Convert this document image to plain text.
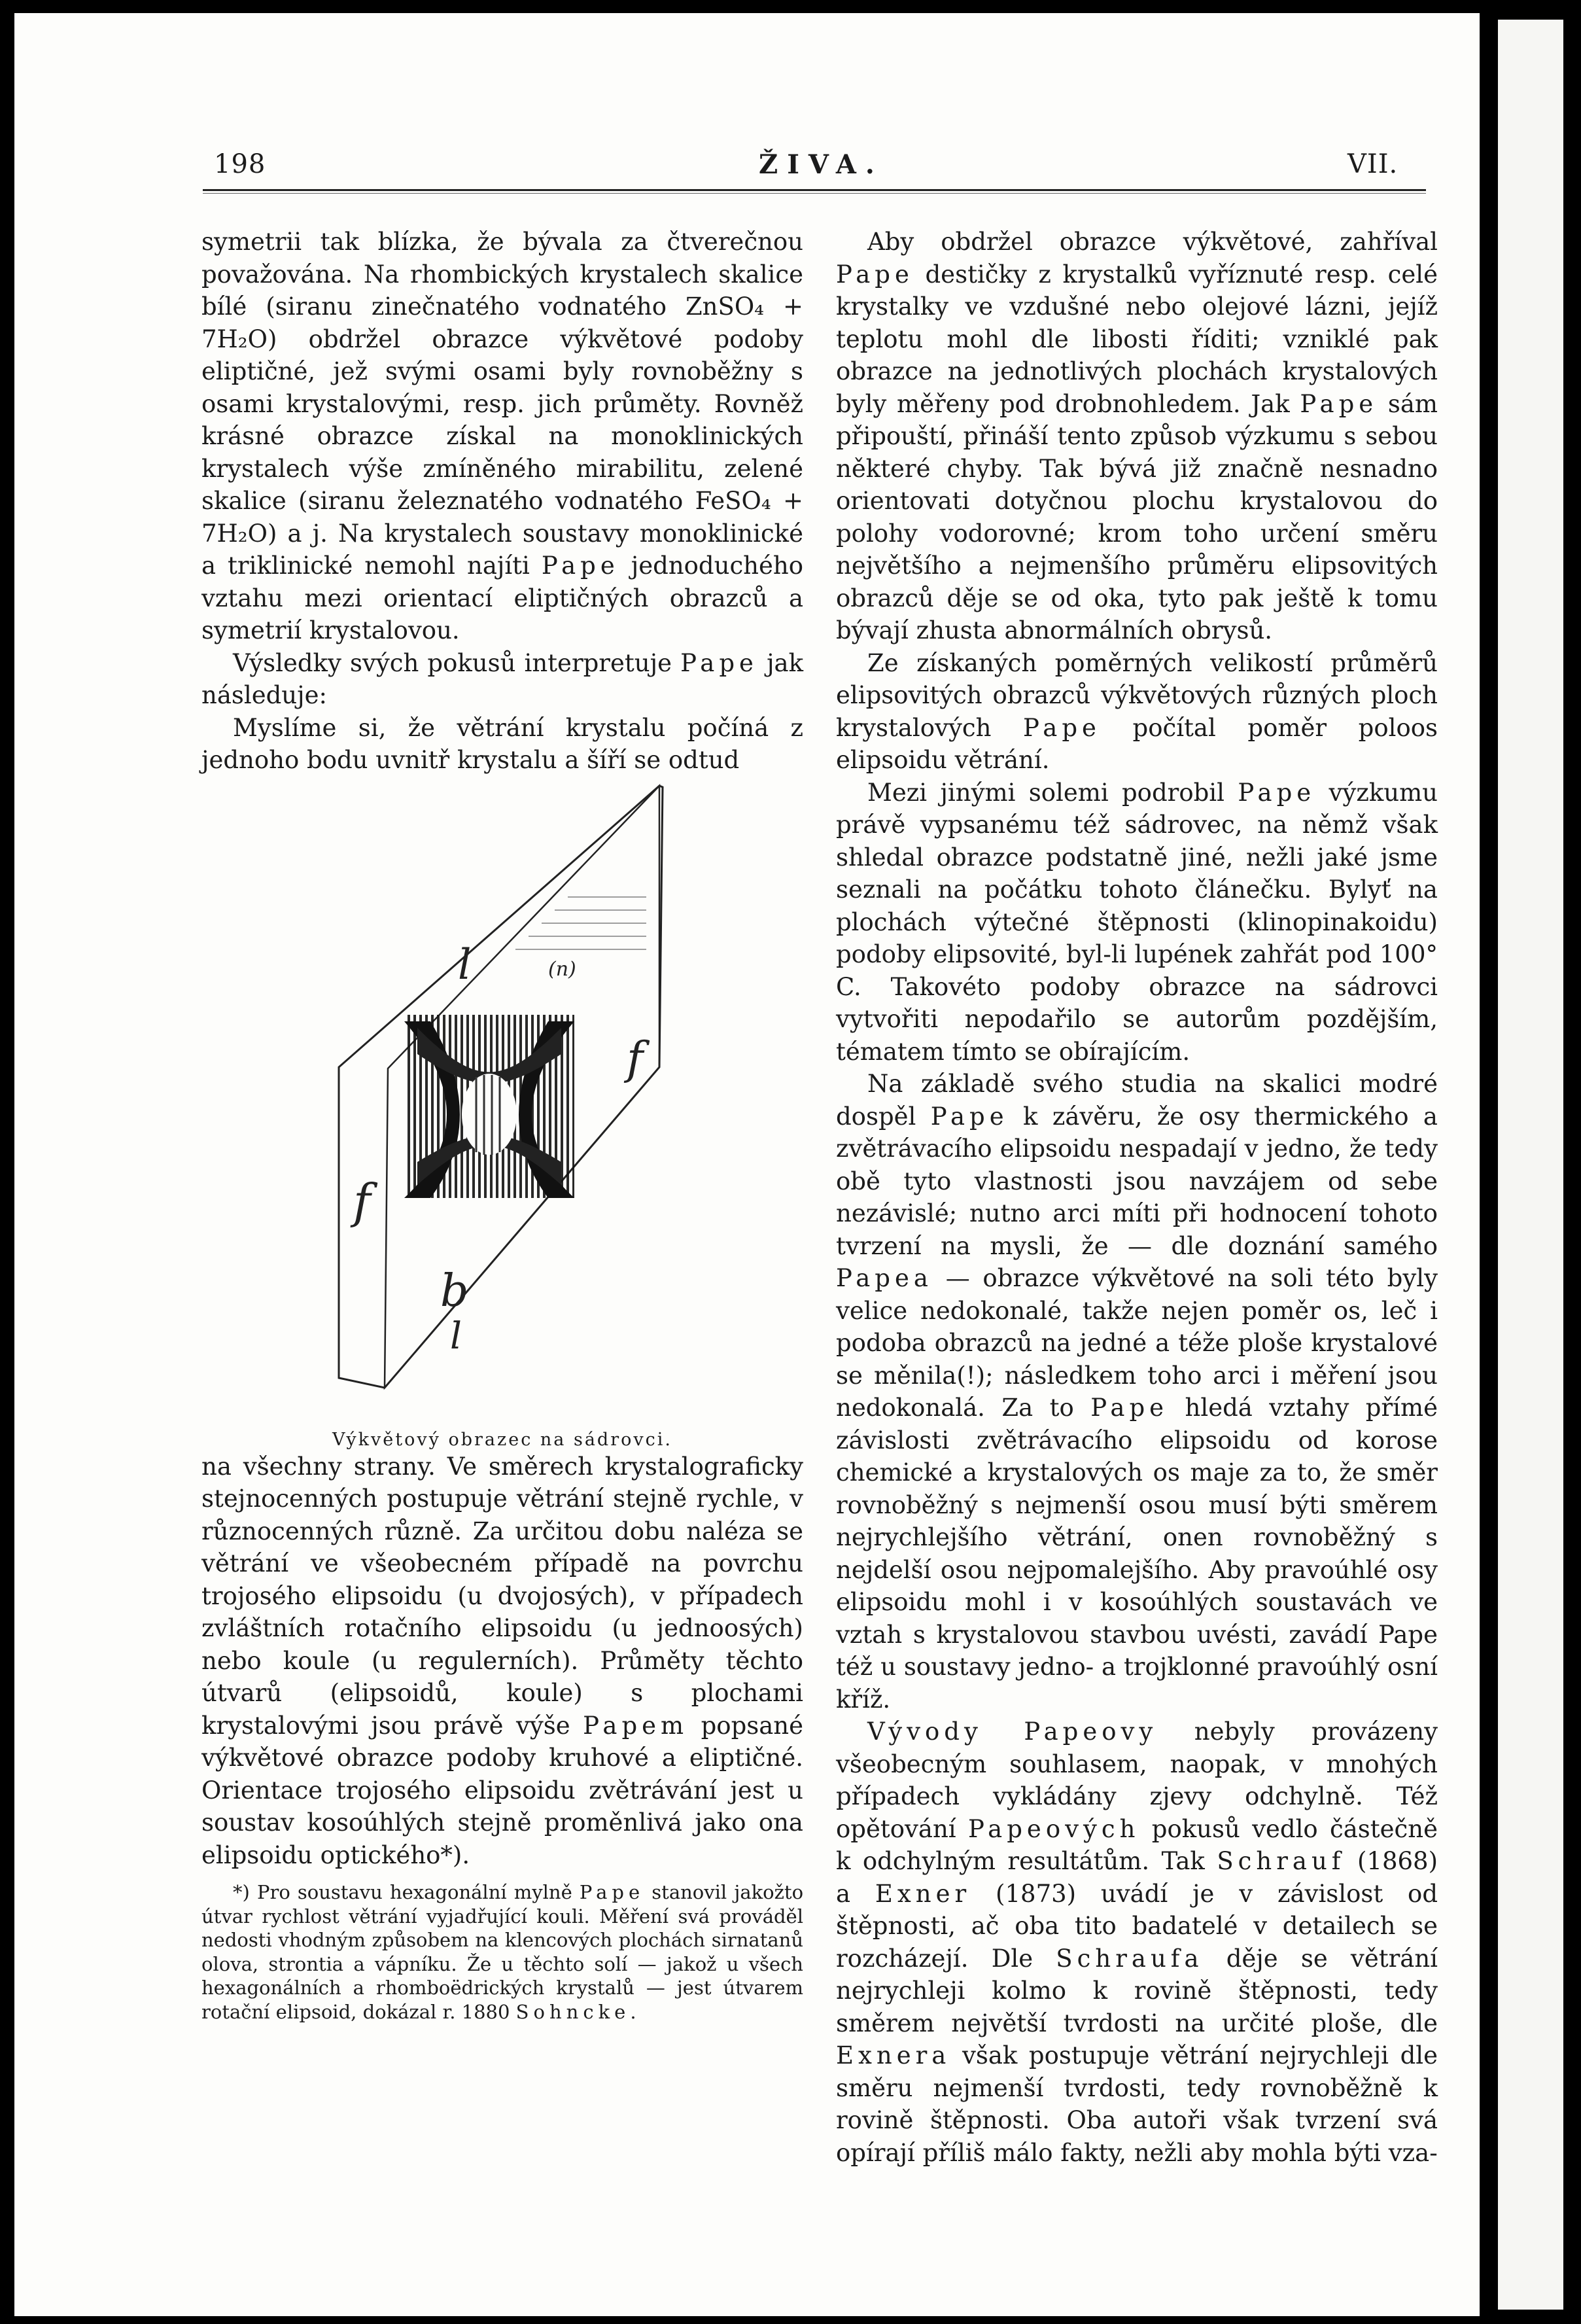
198	ŽIVA.	VII.

symetrii tak blízka, že bývala za čtverečnou považována. Na rhombických krystalech skalice bílé (siranu zinečnatého vodnatého ZnSO₄ + 7H₂O) obdržel obrazce výkvětové podoby eliptičné, jež svými osami byly rovnoběžny s osami krystalovými, resp. jich průměty. Rovněž krásné obrazce získal na monoklinických krystalech výše zmíněného mirabilitu, zelené skalice (siranu železnatého vodnatého FeSO₄ + 7H₂O) a j. Na krystalech soustavy monoklinické a triklinické nemohl najíti Pape jednoduchého vztahu mezi orientací eliptičných obrazců a symetrií krystalovou.

Výsledky svých pokusů interpretuje Pape jak následuje:

Myslíme si, že větrání krystalu počíná z jednoho bodu uvnitř krystalu a šíří se odtud

l	(n)
f
f
b
l
Výkvětový obrazec na sádrovci.

na všechny strany. Ve směrech krystalograficky stejnocenných postupuje větrání stejně rychle, v různocenných různě. Za určitou dobu naléza se větrání ve všeobecném případě na povrchu trojosého elipsoidu (u dvojosých), v případech zvláštních rotačního elipsoidu (u jednoosých) nebo koule (u regulerních). Průměty těchto útvarů (elipsoidů, koule) s plochami krystalovými jsou právě výše Papem popsané výkvětové obrazce podoby kruhové a eliptičné. Orientace trojosého elipsoidu zvětrávání jest u soustav kosoúhlých stejně proměnlivá jako ona elipsoidu optického*).

*) Pro soustavu hexagonální mylně Pape stanovil jakožto útvar rychlost větrání vyjadřující kouli. Měření svá prováděl nedosti vhodným způsobem na klencových plochách sirnatanů olova, strontia a vápníku. Že u těchto solí — jakož u všech hexagonálních a rhomboëdrických krystalů — jest útvarem rotační elipsoid, dokázal r. 1880 Sohncke.

Aby obdržel obrazce výkvětové, zahříval Pape destičky z krystalků vyříznuté resp. celé krystalky ve vzdušné nebo olejové lázni, jejíž teplotu mohl dle libosti říditi; vzniklé pak obrazce na jednotlivých plochách krystalových byly měřeny pod drobnohledem. Jak Pape sám připouští, přináší tento způsob výzkumu s sebou některé chyby. Tak bývá již značně nesnadno orientovati dotyčnou plochu krystalovou do polohy vodorovné; krom toho určení směru největšího a nejmenšího průměru elipsovitých obrazců děje se od oka, tyto pak ještě k tomu bývají zhusta abnormálních obrysů.

Ze získaných poměrných velikostí průměrů elipsovitých obrazců výkvětových různých ploch krystalových Pape počítal poměr poloos elipsoidu větrání.

Mezi jinými solemi podrobil Pape výzkumu právě vypsanému též sádrovec, na němž však shledal obrazce podstatně jiné, nežli jaké jsme seznali na počátku tohoto článečku. Bylyť na plochách výtečné štěpnosti (klinopinakoidu) podoby elipsovité, byl-li lupének zahřát pod 100° C. Takovéto podoby obrazce na sádrovci vytvořiti nepodařilo se autorům pozdějším, tématem tímto se obírajícím.

Na základě svého studia na skalici modré dospěl Pape k závěru, že osy thermického a zvětrávacího elipsoidu nespadají v jedno, že tedy obě tyto vlastnosti jsou navzájem od sebe nezávislé; nutno arci míti při hodnocení tohoto tvrzení na mysli, že — dle doznání samého Papea — obrazce výkvětové na soli této byly velice nedokonalé, takže nejen poměr os, leč i podoba obrazců na jedné a téže ploše krystalové se měnila(!); následkem toho arci i měření jsou nedokonalá. Za to Pape hledá vztahy přímé závislosti zvětrávacího elipsoidu od korose chemické a krystalových os maje za to, že směr rovnoběžný s nejmenší osou musí býti směrem nejrychlejšího větrání, onen rovnoběžný s nejdelší osou nejpomalejšího. Aby pravoúhlé osy elipsoidu mohl i v kosoúhlých soustavách ve vztah s krystalovou stavbou uvésti, zavádí Pape též u soustavy jedno- a trojklonné pravoúhlý osní kříž.

Vývody Papeovy nebyly provázeny všeobecným souhlasem, naopak, v mnohých případech vykládány zjevy odchylně. Též opětování Papeových pokusů vedlo částečně k odchylným resultátům. Tak Schrauf (1868) a Exner (1873) uvádí je v závislost od štěpnosti, ač oba tito badatelé v detailech se rozcházejí. Dle Schraufa děje se větrání nejrychleji kolmo k rovině štěpnosti, tedy směrem největší tvrdosti na určité ploše, dle Exnera však postupuje větrání nejrychleji dle směru nejmenší tvrdosti, tedy rovnoběžně k rovině štěpnosti. Oba autoři však tvrzení svá opírají příliš málo fakty, nežli aby mohla býti vza-
